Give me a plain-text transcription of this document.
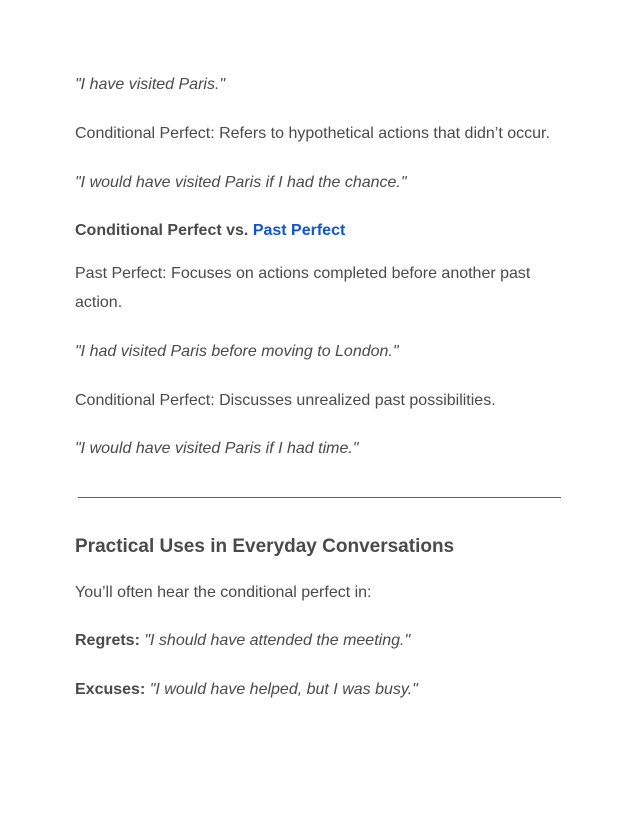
"I have visited Paris."

Conditional Perfect: Refers to hypothetical actions that didn’t occur.

"I would have visited Paris if I had the chance."

Conditional Perfect vs. Past Perfect

Past Perfect: Focuses on actions completed before another past action.

"I had visited Paris before moving to London."

Conditional Perfect: Discusses unrealized past possibilities.

"I would have visited Paris if I had time."

Practical Uses in Everyday Conversations

You’ll often hear the conditional perfect in:

Regrets: "I should have attended the meeting."

Excuses: "I would have helped, but I was busy."
